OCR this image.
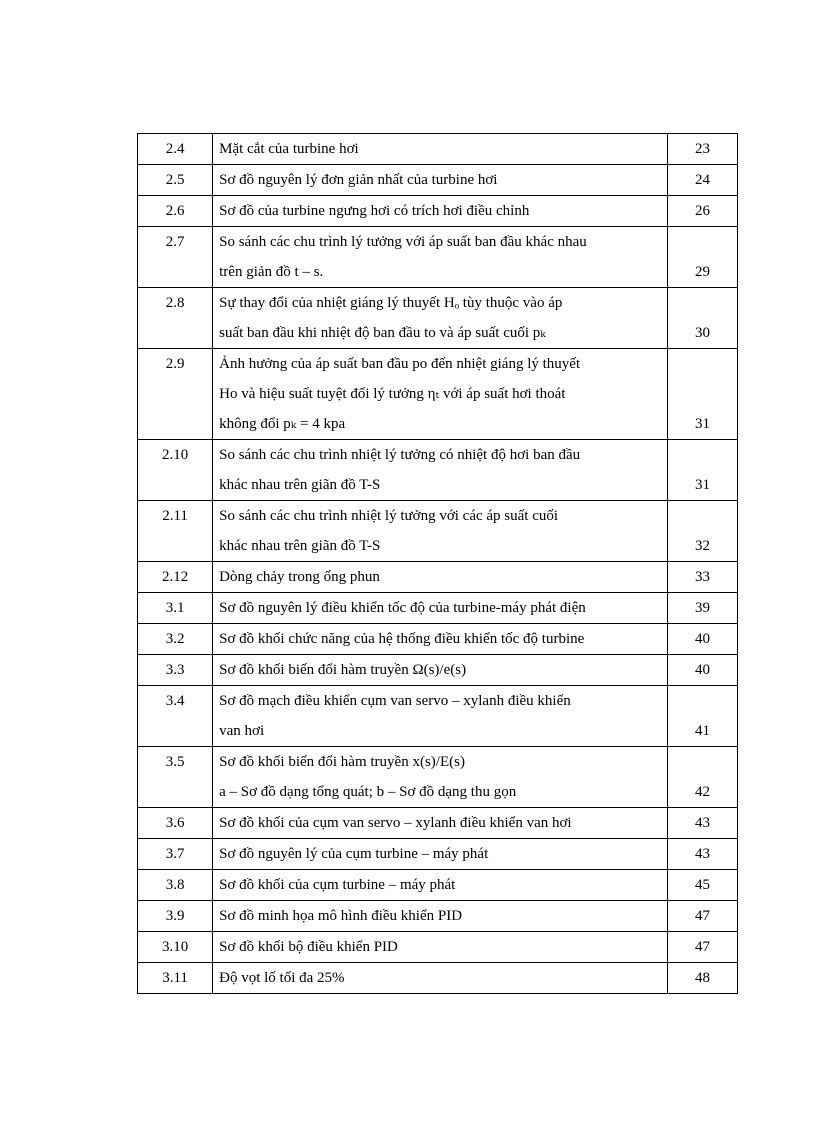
2.4	Mặt cắt của turbine hơi	23

2.5	Sơ đồ nguyên lý đơn giản nhất của turbine hơi	24

2.6	Sơ đồ của turbine ngưng hơi có trích hơi điều chỉnh	26

2.7	So sánh các chu trình lý tưởng với áp suất ban đầu khác nhau
trên giản đồ t – s.	29

2.8	Sự thay đổi của nhiệt giáng lý thuyết Hₒ tùy thuộc vào áp
suất ban đầu khi nhiệt độ ban đầu to và áp suất cuối pₖ	30

2.9	Ảnh hưởng của áp suất ban đầu po đến nhiệt giáng lý thuyết
Ho và hiệu suất tuyệt đối lý tưởng ηₜ với áp suất hơi thoát
không đổi pₖ = 4 kpa	31

2.10	So sánh các chu trình nhiệt lý tưởng có nhiệt độ hơi ban đầu
khác nhau trên giãn đồ T-S	31

2.11	So sánh các chu trình nhiệt lý tưởng với các áp suất cuối
khác nhau trên giãn đồ T-S	32

2.12	Dòng chảy trong ống phun	33

3.1	Sơ đồ nguyên lý điều khiển tốc độ của turbine-máy phát điện	39

3.2	Sơ đồ khối chức năng của hệ thống điều khiển tốc độ turbine	40

3.3	Sơ đồ khối biến đổi hàm truyền Ω(s)/e(s)	40

3.4	Sơ đồ mạch điều khiển cụm van servo – xylanh điều khiển
van hơi	41

3.5	Sơ đồ khối biến đổi hàm truyền x(s)/E(s)
a – Sơ đồ dạng tổng quát; b – Sơ đồ dạng thu gọn	42

3.6	Sơ đồ khối của cụm van servo – xylanh điều khiển van hơi	43

3.7	Sơ đồ nguyên lý của cụm turbine – máy phát	43

3.8	Sơ đồ khối của cụm turbine – máy phát	45

3.9	Sơ đồ minh họa mô hình điều khiển PID	47

3.10	Sơ đồ khối bộ điều khiển PID	47

3.11	Độ vọt lố tối đa 25%	48
